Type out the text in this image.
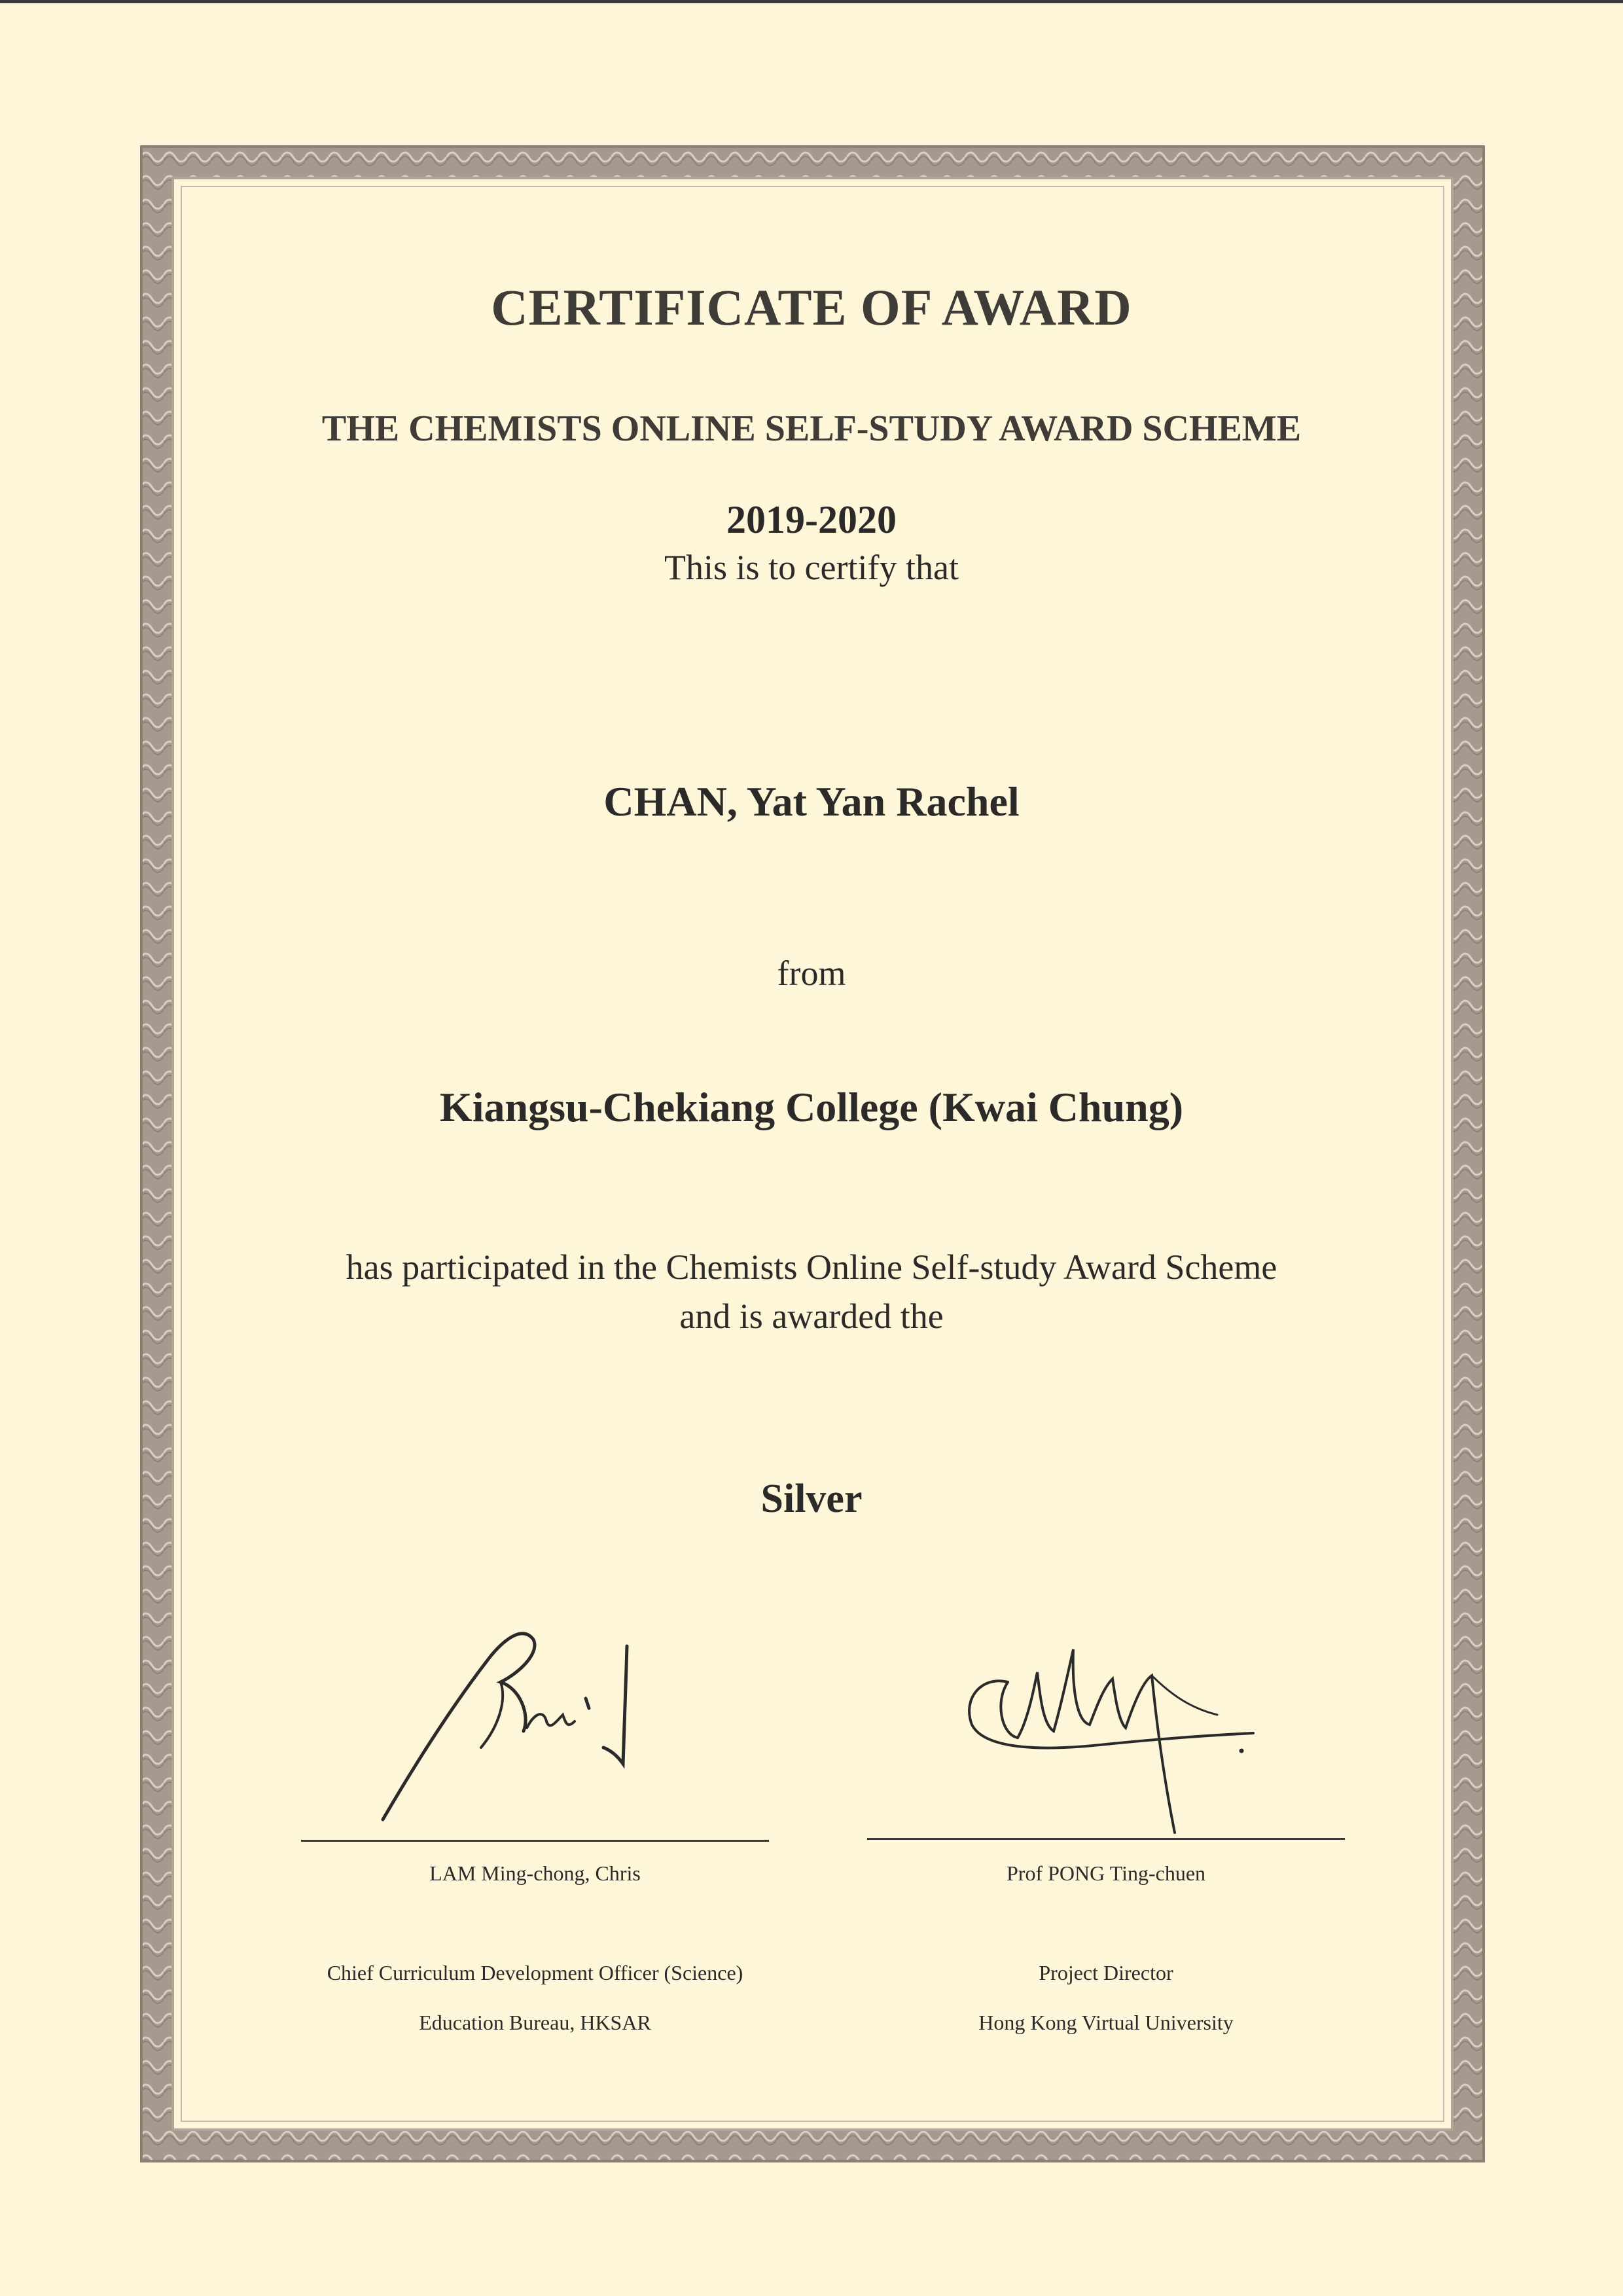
CERTIFICATE OF AWARD
THE CHEMISTS ONLINE SELF-STUDY AWARD SCHEME
2019-2020
This is to certify that
CHAN, Yat Yan Rachel
from
Kiangsu-Chekiang College (Kwai Chung)
has participated in the Chemists Online Self-study Award Scheme
and is awarded the
Silver
LAM Ming-chong, Chris
Chief Curriculum Development Officer (Science)
Education Bureau, HKSAR
Prof PONG Ting-chuen
Project Director
Hong Kong Virtual University
